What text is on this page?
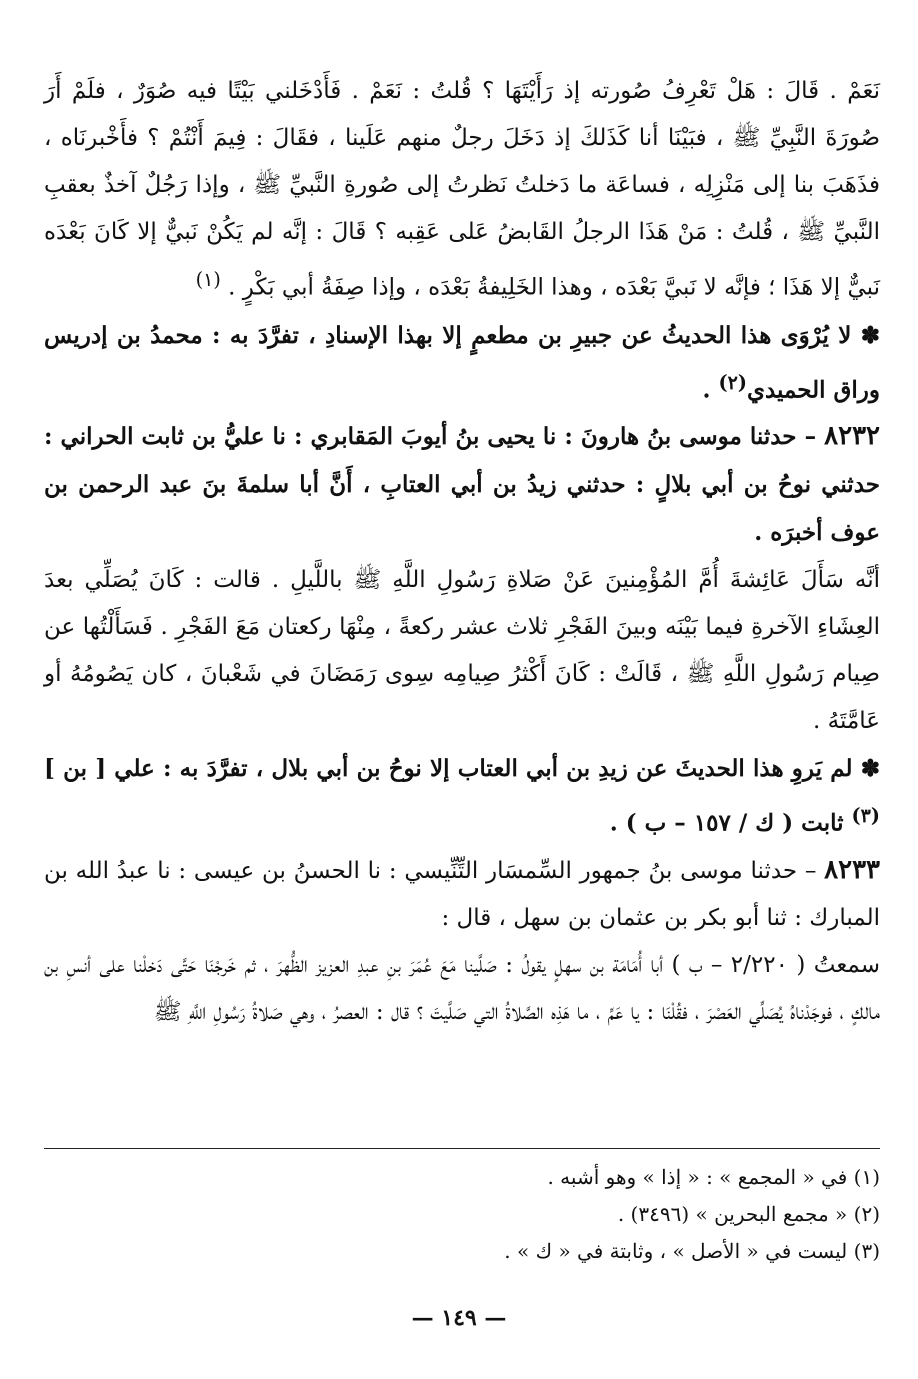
نَعَمْ . قَالَ : هَلْ تَعْرِفُ صُورته إذ رَأَيْتَهَا ؟ قُلتُ : نَعَمْ . فَأَدْخَلني بَيْتًا فيه صُوَرٌ ، فلَمْ أَرَ صُورَةَ النَّبِيِّ ﷺ ، فبَيْنَا أنا كَذَلكَ إذ دَخَلَ رجلٌ منهم عَلَينا ، فقَالَ : فِيمَ أَنْتُمْ ؟ فأَخْبرنَاه ، فذَهَبَ بنا إلى مَنْزِلِه ، فساعَة ما دَخلتُ نَظرتُ إلى صُورةِ النَّبيِّ ﷺ ، وإذا رَجُلٌ آخذٌ بعقبِ النَّبيِّ ﷺ ، قُلتُ : مَنْ هَذَا الرجلُ القَابضُ عَلى عَقِبه ؟ قَالَ : إنَّه لم يَكُنْ نَبيٌّ إلا كَانَ بَعْدَه نَبيٌّ إلا هَذَا ؛ فإنَّه لا نَبيَّ بَعْدَه ، وهذا الخَلِيفةُ بَعْدَه ، وإذا صِفَةُ أبي بَكْرٍ . $^{(١)}$

✽ لا يُرْوَى هذا الحديثُ عن جبيرِ بن مطعمٍ إلا بهذا الإسنادِ ، تفرَّدَ به : محمدُ بن إدريس وراق الحميدي$^{(٢)}$ .

٨٢٣٢ – حدثنا موسى بنُ هارونَ : نا يحيى بنُ أيوبَ المَقابري : نا عليُّ بن ثابت الحراني : حدثني نوحُ بن أبي بلالٍ : حدثني زيدُ بن أبي العتابِ ، أَنَّ أبا سلمةَ بنَ عبد الرحمن بن عوف أخبرَه .

أنَّه سَأَلَ عَائِشةَ أُمَّ المُؤْمِنينَ عَنْ صَلاةِ رَسُولِ اللَّهِ ﷺ باللَّيلِ . قالت : كَانَ يُصَلِّي بعدَ العِشَاءِ الآخرةِ فيما بَيْنَه وبينَ الفَجْرِ ثلاث عشر ركعةً ، مِنْهَا ركعتان مَعَ الفَجْرِ . فَسَأَلْتُها عن صِيام رَسُولِ اللَّهِ ﷺ ، قَالَتْ : كَانَ أَكْثرُ صِيامِه سِوى رَمَضَانَ في شَعْبانَ ، كان يَصُومُهُ أو عَامَّتَهُ .

✽ لم يَروِ هذا الحديثَ عن زيدِ بن أبي العتاب إلا نوحُ بن أبي بلال ، تفرَّدَ به : علي [ بن ]$^{(٣)}$ ثابت ( ك / ١٥٧ – ب ) .

٨٢٣٣ – حدثنا موسى بنُ جمهور السِّمسَار التِّنِّيسي : نا الحسنُ بن عيسى : نا عبدُ الله بن المبارك : ثنا أبو بكر بن عثمان بن سهل ، قال :

سمعتُ ( ٢/٢٢٠ – ب ) أبا أُمَامَة بن سهلٍ يقولُ : صَلَّينا مَعَ عُمَرَ بنِ عبدِ العزيز الظُّهرَ ، ثم خَرجْنَا حَتَّى دَخلْنا على أنسِ بن مالكٍ ، فوجَدْناهُ يُصَلِّي العَصْرَ ، فقُلْنَا : يا عَمِّ ، ما هَذِه الصَّلاةُ التي صَلَّيتَ ؟ قال : العصرُ ، وهي صَلاةُ رَسُولِ اللَّهِ ﷺ

(١) في « المجمع » : « إذا » وهو أشبه .

(٢) « مجمع البحرين » (٣٤٩٦) .

(٣) ليست في « الأصل » ، وثابتة في « ك » .

— ١٤٩ —
